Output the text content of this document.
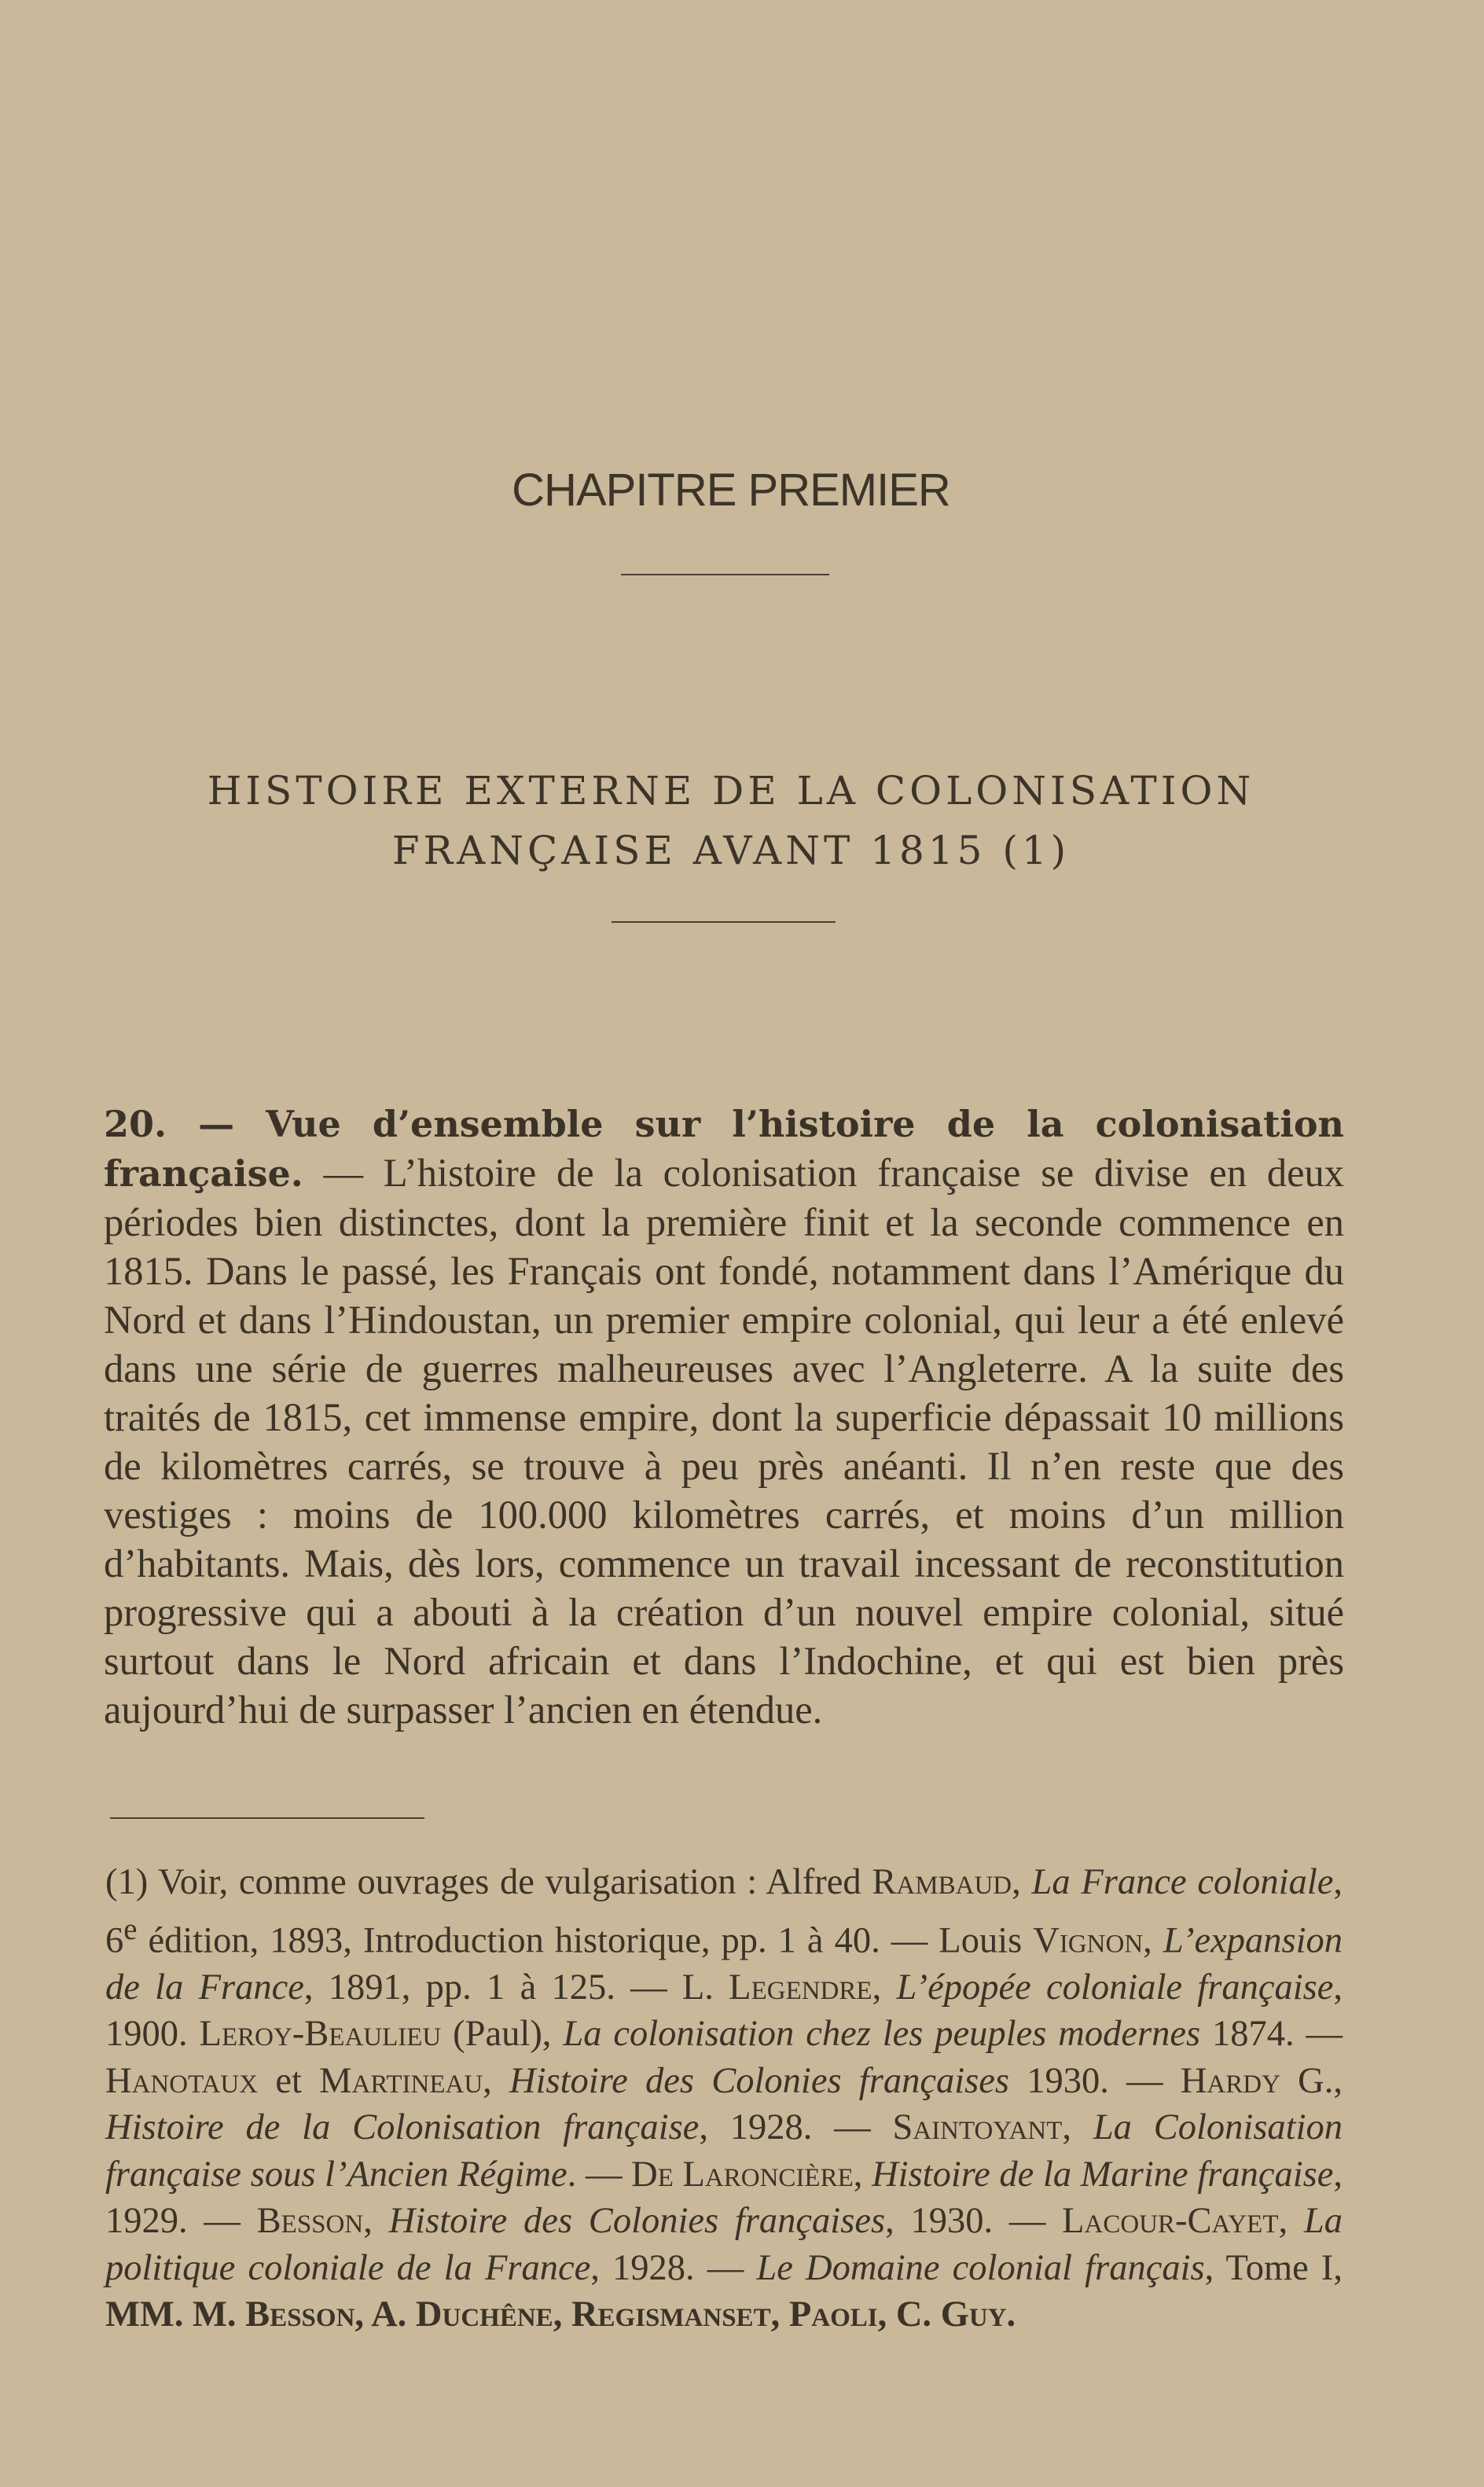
CHAPITRE PREMIER
HISTOIRE EXTERNE DE LA COLONISATION
FRANÇAISE AVANT 1815 (1)
20. — Vue d’ensemble sur l’histoire de la colonisation française. — L’histoire de la colonisation française se divise en deux périodes bien distinctes, dont la première finit et la seconde commence en 1815. Dans le passé, les Français ont fondé, notamment dans l’Amérique du Nord et dans l’Hindoustan, un premier empire colonial, qui leur a été enlevé dans une série de guerres malheureuses avec l’Angleterre. A la suite des traités de 1815, cet immense empire, dont la superficie dépassait 10 millions de kilomètres carrés, se trouve à peu près anéanti. Il n’en reste que des vestiges : moins de 100.000 kilomètres carrés, et moins d’un million d’habitants. Mais, dès lors, commence un travail incessant de reconstitution progressive qui a abouti à la création d’un nouvel empire colonial, situé surtout dans le Nord africain et dans l’Indochine, et qui est bien près aujourd’hui de surpasser l’ancien en étendue.

(1) Voir, comme ouvrages de vulgarisation : Alfred Rambaud, La France coloniale, 6e édition, 1893, Introduction historique, pp. 1 à 40. — Louis Vignon, L’expansion de la France, 1891, pp. 1 à 125. — L. Legendre, L’épopée coloniale française, 1900. Leroy-Beaulieu (Paul), La colonisation chez les peuples modernes 1874. — Hanotaux et Martineau, Histoire des Colonies françaises 1930. — Hardy G., Histoire de la Colonisation française, 1928. — Saintoyant, La Colonisation française sous l’Ancien Régime. — De Laroncière, Histoire de la Marine française, 1929. — Besson, Histoire des Colonies françaises, 1930. — Lacour-Cayet, La politique coloniale de la France, 1928. — Le Domaine colonial français, Tome I, MM. M. Besson, A. Duchêne, Regismanset, Paoli, C. Guy.
